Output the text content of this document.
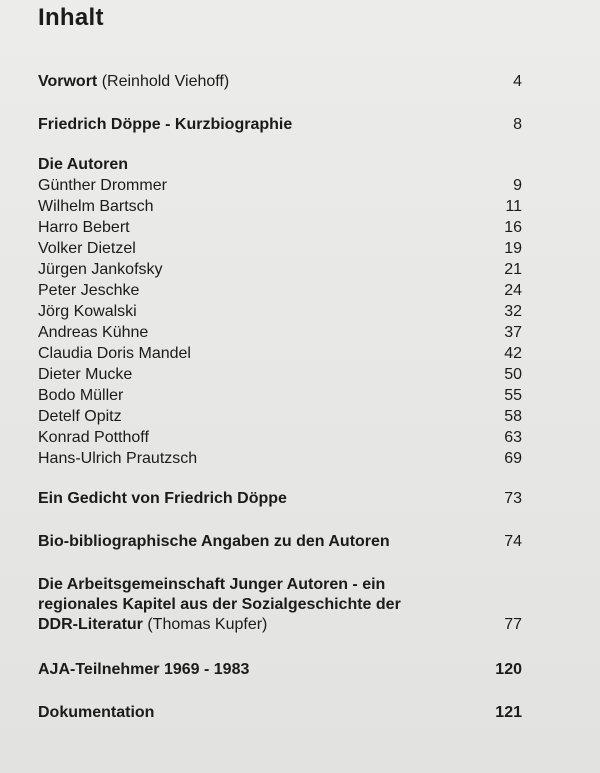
Inhalt
Vorwort (Reinhold Viehoff)	4
Friedrich Döppe - Kurzbiographie	8
Die Autoren
Günther Drommer	9
Wilhelm Bartsch	11
Harro Bebert	16
Volker Dietzel	19
Jürgen Jankofsky	21
Peter Jeschke	24
Jörg Kowalski	32
Andreas Kühne	37
Claudia Doris Mandel	42
Dieter Mucke	50
Bodo Müller	55
Detelf Opitz	58
Konrad Potthoff	63
Hans-Ulrich Prautzsch	69
Ein Gedicht von Friedrich Döppe	73
Bio-bibliographische Angaben zu den Autoren	74
Die Arbeitsgemeinschaft Junger Autoren - ein
regionales Kapitel aus der Sozialgeschichte der
DDR-Literatur (Thomas Kupfer)	77
AJA-Teilnehmer 1969 - 1983	120
Dokumentation	121
